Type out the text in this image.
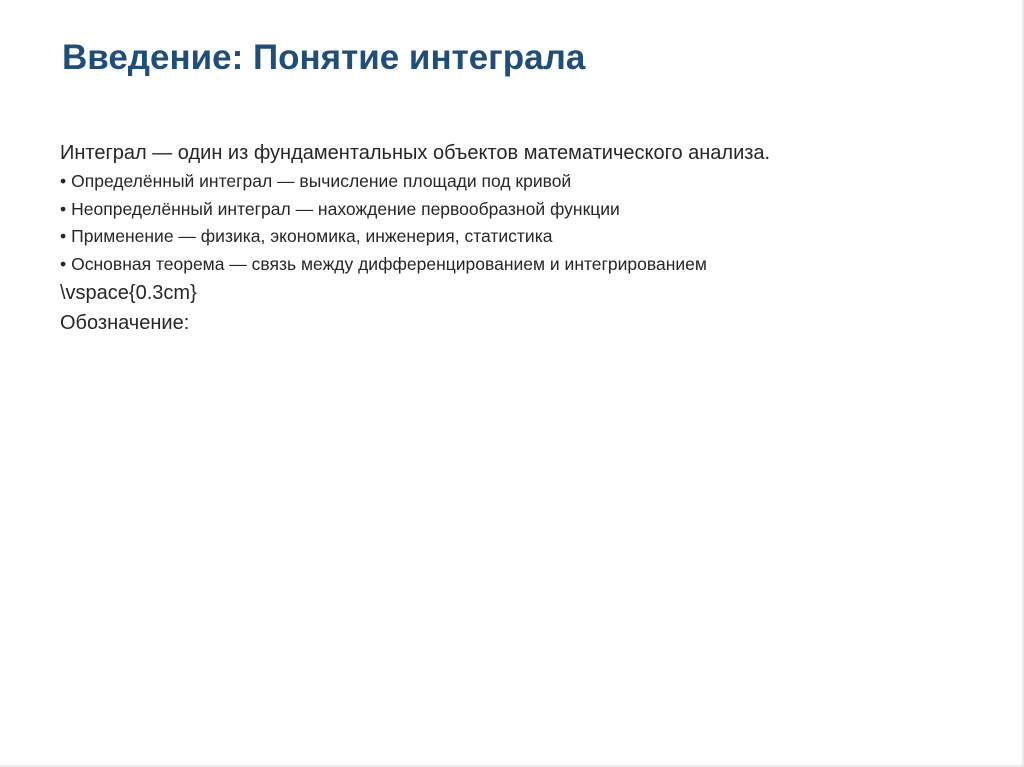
Введение: Понятие интеграла

Интеграл — один из фундаментальных объектов математического анализа.

• Определённый интеграл — вычисление площади под кривой
• Неопределённый интеграл — нахождение первообразной функции
• Применение — физика, экономика, инженерия, статистика
• Основная теорема — связь между дифференцированием и интегрированием

\vspace{0.3cm}

Обозначение:
